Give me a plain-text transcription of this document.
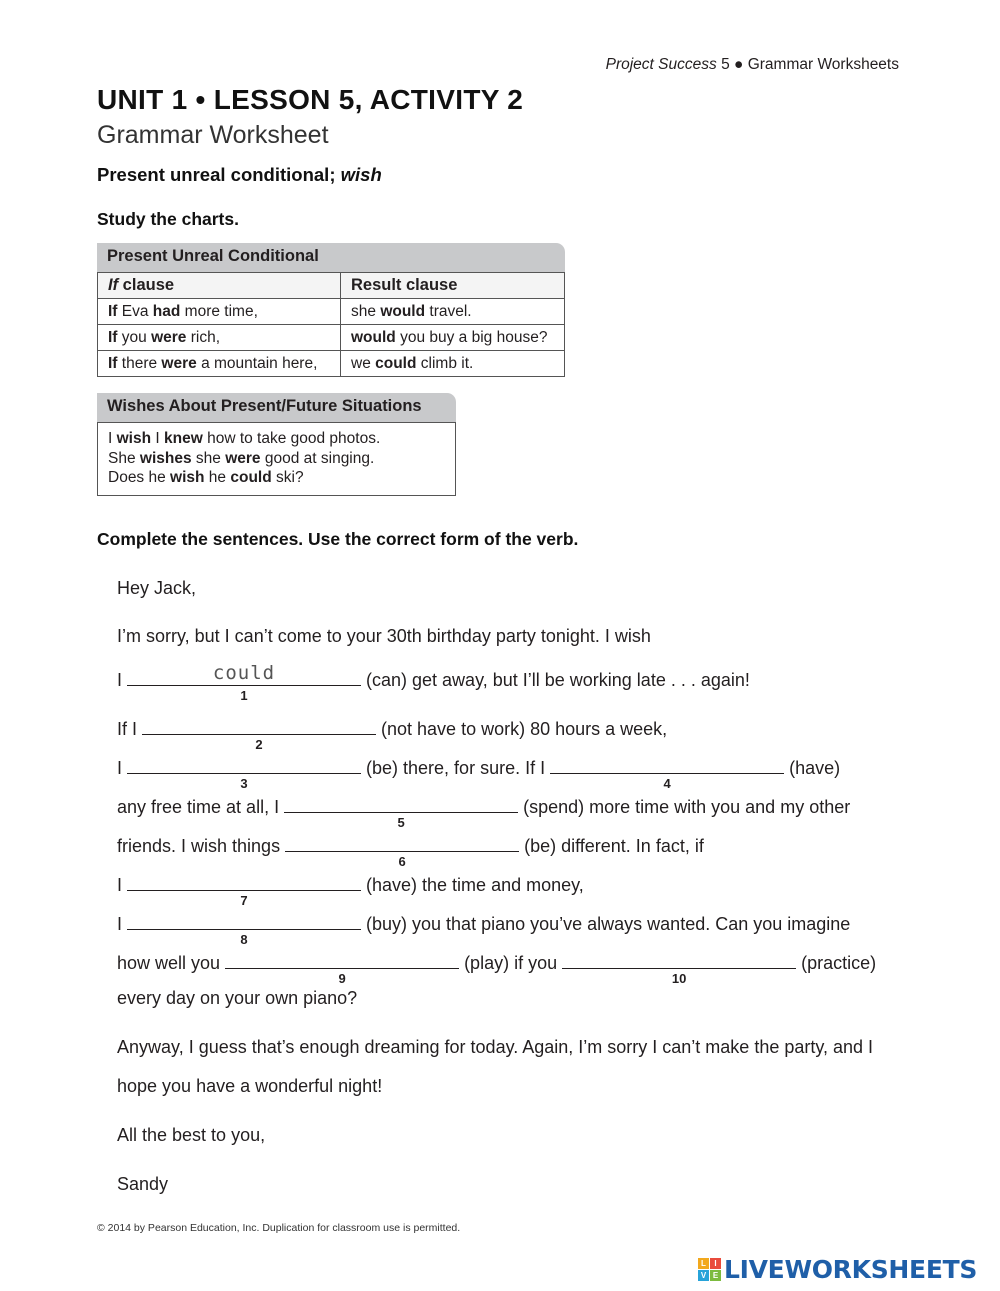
Project Success 5 ● Grammar Worksheets
UNIT 1 • LESSON 5, ACTIVITY 2
Grammar Worksheet
Present unreal conditional; wish
Study the charts.
Present Unreal Conditional
If clause	Result clause
If Eva had more time,	she would travel.
If you were rich,	would you buy a big house?
If there were a mountain here,	we could climb it.
Wishes About Present/Future Situations
I wish I knew how to take good photos.
She wishes she were good at singing.
Does he wish he could ski?
Complete the sentences. Use the correct form of the verb.
Hey Jack,
I’m sorry, but I can’t come to your 30th birthday party tonight. I wish
I	could
1
(can) get away, but I’ll be working late . . . again!
If I
2
(not have to work) 80 hours a week,
I
3
(be) there, for sure. If I
4
(have)
any free time at all, I
5
(spend) more time with you and my other
friends. I wish things
6
(be) different. In fact, if
I
7
(have) the time and money,
I
8
(buy) you that piano you’ve always wanted. Can you imagine
how well you
9
(play) if you
10
(practice)
every day on your own piano?
Anyway, I guess that’s enough dreaming for today. Again, I’m sorry I can’t make the party, and I
hope you have a wonderful night!
All the best to you,
Sandy
© 2014 by Pearson Education, Inc. Duplication for classroom use is permitted.
L	I
V E LIVEWORKSHEETS
